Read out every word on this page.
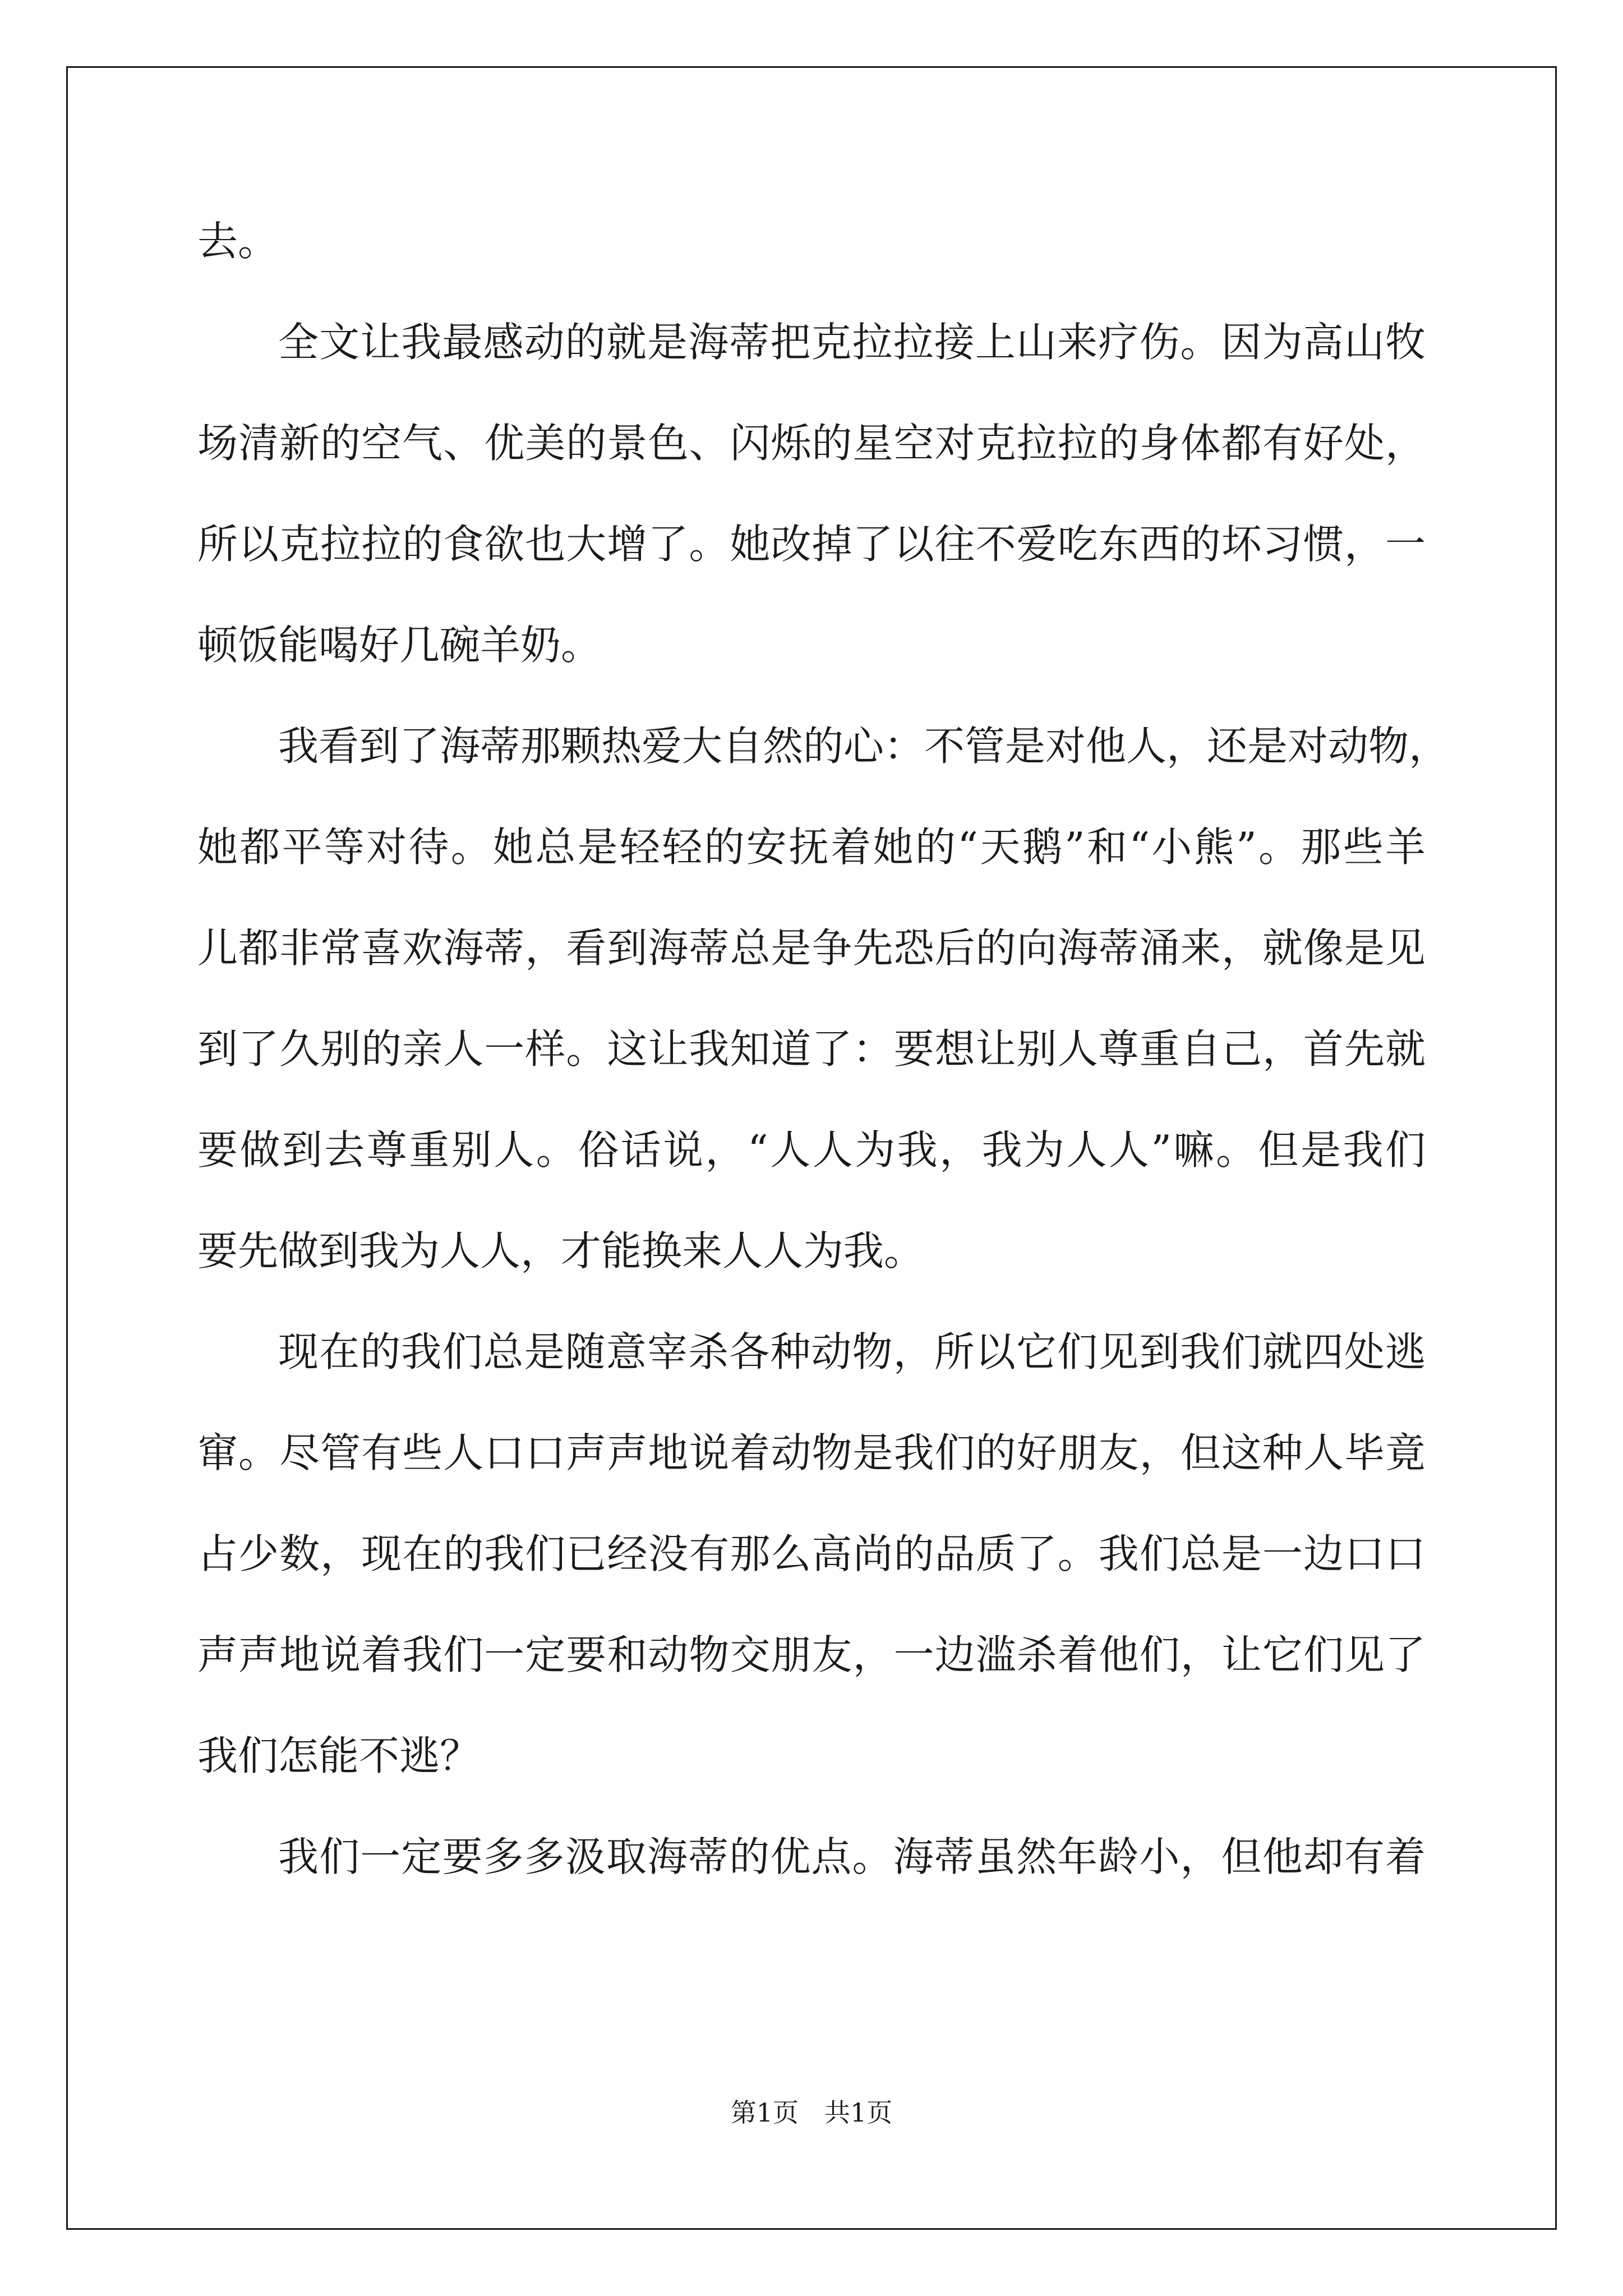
去。
全文让我最感动的就是海蒂把克拉拉接上山来疗伤。因为高山牧
场清新的空气、优美的景色、闪烁的星空对克拉拉的身体都有好处，
所以克拉拉的食欲也大增了。她改掉了以往不爱吃东西的坏习惯，一
顿饭能喝好几碗羊奶。
我看到了海蒂那颗热爱大自然的心：不管是对他人，还是对动物，
她都平等对待。她总是轻轻的安抚着她的“天鹅”和“小熊”。那些羊
儿都非常喜欢海蒂，看到海蒂总是争先恐后的向海蒂涌来，就像是见
到了久别的亲人一样。这让我知道了：要想让别人尊重自己，首先就
要做到去尊重别人。俗话说，“人人为我，我为人人”嘛。但是我们
要先做到我为人人，才能换来人人为我。
现在的我们总是随意宰杀各种动物，所以它们见到我们就四处逃
窜。尽管有些人口口声声地说着动物是我们的好朋友，但这种人毕竟
占少数，现在的我们已经没有那么高尚的品质了。我们总是一边口口
声声地说着我们一定要和动物交朋友，一边滥杀着他们，让它们见了
我们怎能不逃？
我们一定要多多汲取海蒂的优点。海蒂虽然年龄小，但他却有着
第1页　共1页
